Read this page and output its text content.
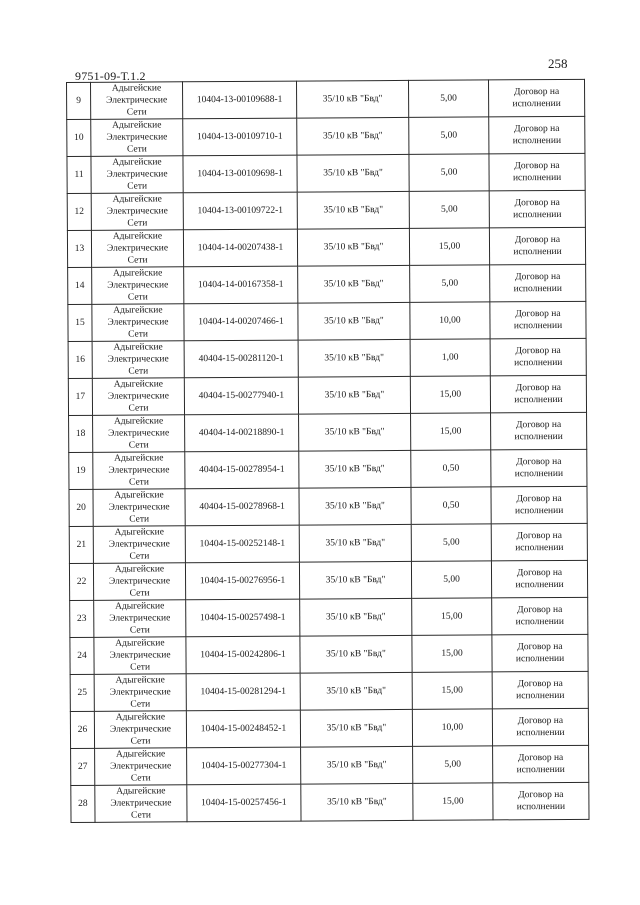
258
9751-09-Т.1.2
9	Адыгейские
Электрические
Сети	10404-13-00109688-1	35/10 кВ "Бвд"	5,00	Договор на
исполнении

10	Адыгейские
Электрические
Сети	10404-13-00109710-1	35/10 кВ "Бвд"	5,00	Договор на
исполнении

11	Адыгейские
Электрические
Сети	10404-13-00109698-1	35/10 кВ "Бвд"	5,00	Договор на
исполнении

12	Адыгейские
Электрические
Сети	10404-13-00109722-1	35/10 кВ "Бвд"	5,00	Договор на
исполнении

13	Адыгейские
Электрические
Сети	10404-14-00207438-1	35/10 кВ "Бвд"	15,00	Договор на
исполнении

14	Адыгейские
Электрические
Сети	10404-14-00167358-1	35/10 кВ "Бвд"	5,00	Договор на
исполнении

15	Адыгейские
Электрические
Сети	10404-14-00207466-1	35/10 кВ "Бвд"	10,00	Договор на
исполнении

16	Адыгейские
Электрические
Сети	40404-15-00281120-1	35/10 кВ "Бвд"	1,00	Договор на
исполнении

17	Адыгейские
Электрические
Сети	40404-15-00277940-1	35/10 кВ "Бвд"	15,00	Договор на
исполнении

18	Адыгейские
Электрические
Сети	40404-14-00218890-1	35/10 кВ "Бвд"	15,00	Договор на
исполнении

19	Адыгейские
Электрические
Сети	40404-15-00278954-1	35/10 кВ "Бвд"	0,50	Договор на
исполнении

20	Адыгейские
Электрические
Сети	40404-15-00278968-1	35/10 кВ "Бвд"	0,50	Договор на
исполнении

21	Адыгейские
Электрические
Сети	10404-15-00252148-1	35/10 кВ "Бвд"	5,00	Договор на
исполнении

22	Адыгейские
Электрические
Сети	10404-15-00276956-1	35/10 кВ "Бвд"	5,00	Договор на
исполнении

23	Адыгейские
Электрические
Сети	10404-15-00257498-1	35/10 кВ "Бвд"	15,00	Договор на
исполнении

24	Адыгейские
Электрические
Сети	10404-15-00242806-1	35/10 кВ "Бвд"	15,00	Договор на
исполнении

25	Адыгейские
Электрические
Сети	10404-15-00281294-1	35/10 кВ "Бвд"	15,00	Договор на
исполнении

26	Адыгейские
Электрические
Сети	10404-15-00248452-1	35/10 кВ "Бвд"	10,00	Договор на
исполнении

27	Адыгейские
Электрические
Сети	10404-15-00277304-1	35/10 кВ "Бвд"	5,00	Договор на
исполнении

28	Адыгейские
Электрические
Сети	10404-15-00257456-1	35/10 кВ "Бвд"	15,00	Договор на
исполнении
